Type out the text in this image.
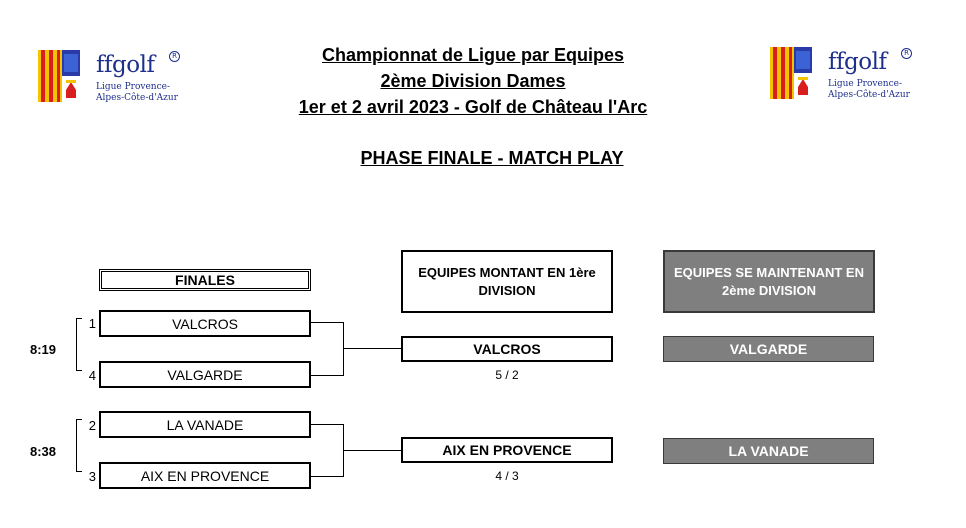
ffgolf	R
Ligue Provence-
Alpes-Côte-d'Azur
ffgolf	R
Ligue Provence-
Alpes-Côte-d'Azur
Championnat de Ligue par Equipes
2ème Division Dames
1er et 2 avril 2023 - Golf de Château l'Arc
PHASE FINALE - MATCH PLAY
FINALES	EQUIPES MONTANT EN 1ère DIVISION
EQUIPES SE MAINTENANT EN 2ème DIVISION
8:19
1	VALCROS
4	VALGARDE
VALCROS
5 / 2
VALGARDE
8:38
2	LA VANADE
3	AIX EN PROVENCE
AIX EN PROVENCE
4 / 3
LA VANADE
